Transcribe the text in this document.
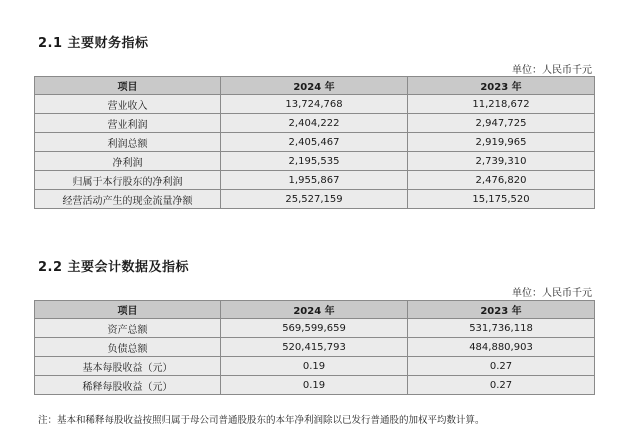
2.1 主要财务指标
单位：人民币千元
项目	2024 年	2023 年
营业收入	13,724,768	11,218,672
营业利润	2,404,222	2,947,725
利润总额	2,405,467	2,919,965
净利润	2,195,535	2,739,310
归属于本行股东的净利润	1,955,867	2,476,820
经营活动产生的现金流量净额	25,527,159	15,175,520
2.2 主要会计数据及指标
单位：人民币千元
项目	2024 年	2023 年
资产总额	569,599,659	531,736,118
负债总额	520,415,793	484,880,903
基本每股收益（元）	0.19	0.27
稀释每股收益（元）	0.19	0.27
注：基本和稀释每股收益按照归属于母公司普通股股东的本年净利润除以已发行普通股的加权平均数计算。
